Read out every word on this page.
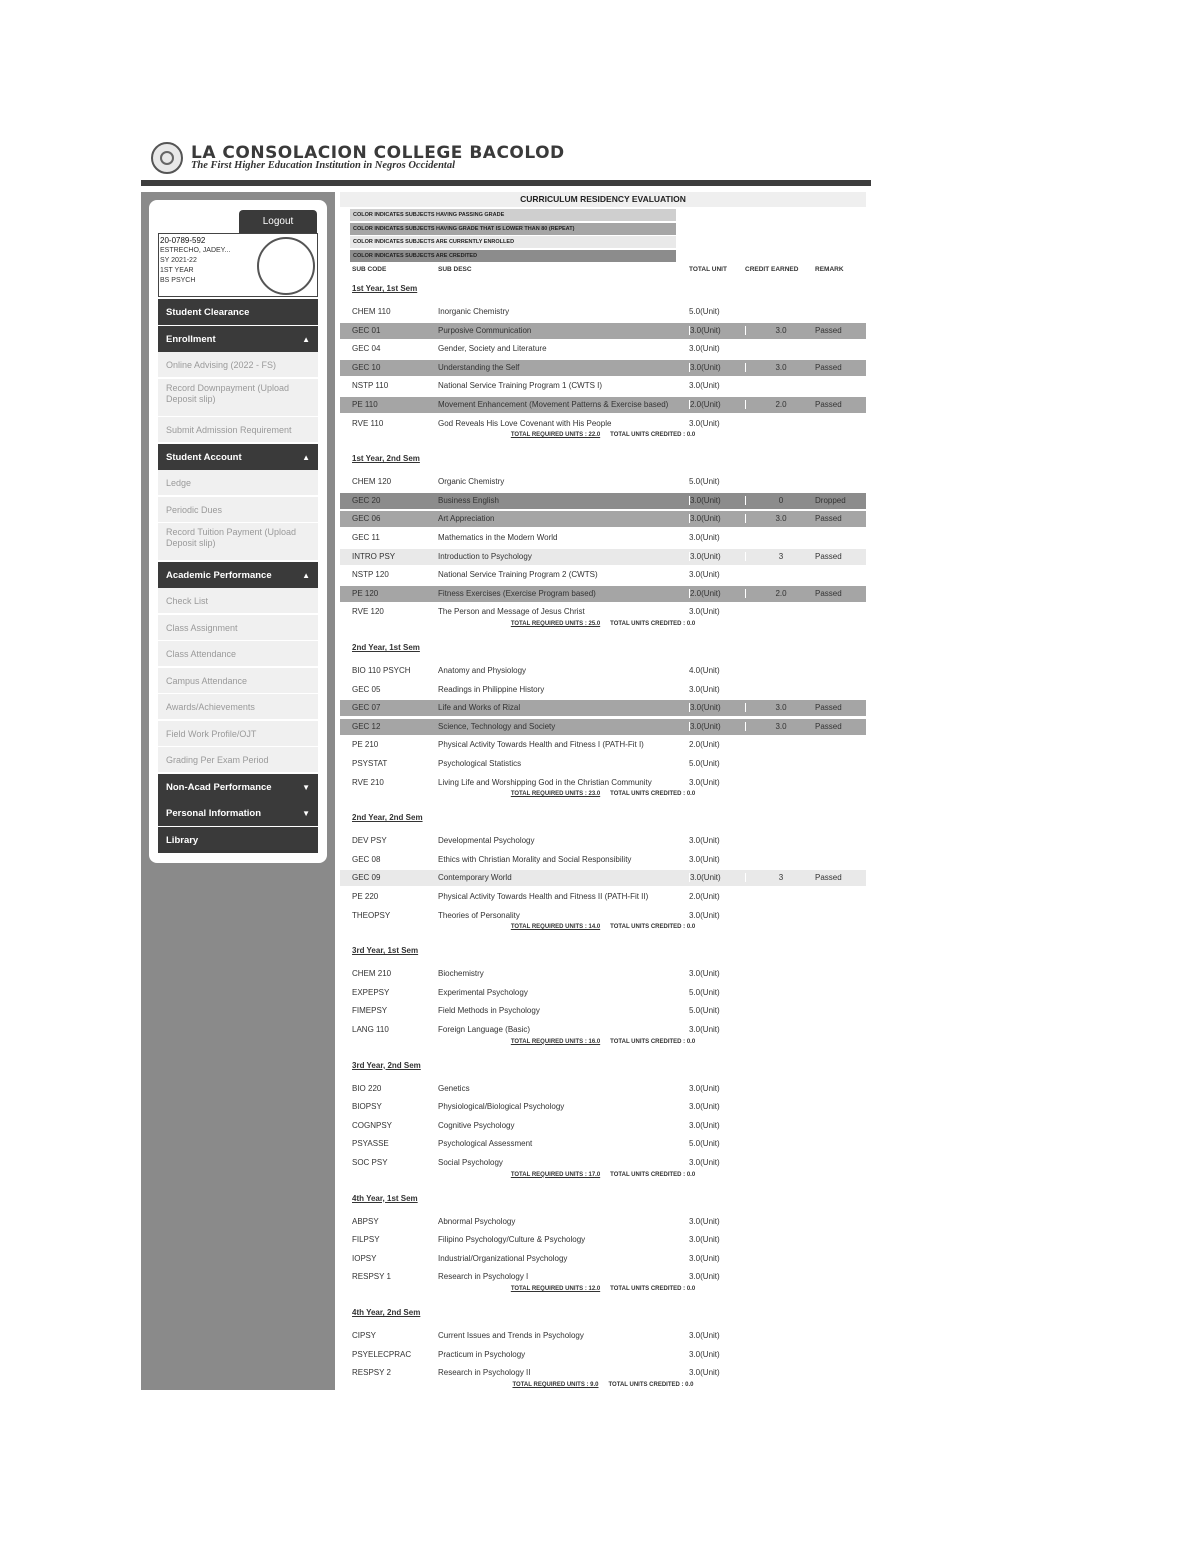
LA CONSOLACION COLLEGE BACOLOD
The First Higher Education Institution in Negros Occidental
Logout
20-0789-592
ESTRECHO, JADEY...
SY 2021-22
1ST YEAR
BS PSYCH
Student Clearance
Enrollment	▲
Online Advising (2022 - FS)
Record Downpayment (Upload Deposit slip)
Submit Admission Requirement
Student Account	▲
Ledge
Periodic Dues
Record Tuition Payment (Upload Deposit slip)
Academic Performance	▲
Check List
Class Assignment
Class Attendance
Campus Attendance
Awards/Achievements
Field Work Profile/OJT
Grading Per Exam Period
Non-Acad Performance	▼
Personal Information	▼
Library
CURRICULUM RESIDENCY EVALUATION
COLOR INDICATES SUBJECTS HAVING PASSING GRADE
COLOR INDICATES SUBJECTS HAVING GRADE THAT IS LOWER THAN 80 (REPEAT)
COLOR INDICATES SUBJECTS ARE CURRENTLY ENROLLED
COLOR INDICATES SUBJECTS ARE CREDITED
SUB CODE	SUB DESC	TOTAL UNIT	CREDIT EARNED	REMARK
1st Year, 1st Sem
CHEM 110	Inorganic Chemistry	5.0(Unit)
GEC 01	Purposive Communication	3.0(Unit)	3.0	Passed
GEC 04	Gender, Society and Literature	3.0(Unit)
GEC 10	Understanding the Self	3.0(Unit)	3.0	Passed
NSTP 110	National Service Training Program 1 (CWTS I)	3.0(Unit)
PE 110	Movement Enhancement (Movement Patterns & Exercise based)	2.0(Unit)	2.0	Passed
RVE 110	God Reveals His Love Covenant with His People	3.0(Unit)
TOTAL REQUIRED UNITS : 22.0 TOTAL UNITS CREDITED : 0.0
1st Year, 2nd Sem
CHEM 120	Organic Chemistry	5.0(Unit)
GEC 20	Business English	3.0(Unit)	0	Dropped
GEC 06	Art Appreciation	3.0(Unit)	3.0	Passed
GEC 11	Mathematics in the Modern World	3.0(Unit)
INTRO PSY	Introduction to Psychology	3.0(Unit)	3	Passed
NSTP 120	National Service Training Program 2 (CWTS)	3.0(Unit)
PE 120	Fitness Exercises (Exercise Program based)	2.0(Unit)	2.0	Passed
RVE 120	The Person and Message of Jesus Christ	3.0(Unit)
TOTAL REQUIRED UNITS : 25.0 TOTAL UNITS CREDITED : 0.0
2nd Year, 1st Sem
BIO 110 PSYCH	Anatomy and Physiology	4.0(Unit)
GEC 05	Readings in Philippine History	3.0(Unit)
GEC 07	Life and Works of Rizal	3.0(Unit)	3.0	Passed
GEC 12	Science, Technology and Society	3.0(Unit)	3.0	Passed
PE 210	Physical Activity Towards Health and Fitness I (PATH-Fit I)	2.0(Unit)
PSYSTAT	Psychological Statistics	5.0(Unit)
RVE 210	Living Life and Worshipping God in the Christian Community	3.0(Unit)
TOTAL REQUIRED UNITS : 23.0 TOTAL UNITS CREDITED : 0.0
2nd Year, 2nd Sem
DEV PSY	Developmental Psychology	3.0(Unit)
GEC 08	Ethics with Christian Morality and Social Responsibility	3.0(Unit)
GEC 09	Contemporary World	3.0(Unit)	3	Passed
PE 220	Physical Activity Towards Health and Fitness II (PATH-Fit II)	2.0(Unit)
THEOPSY	Theories of Personality	3.0(Unit)
TOTAL REQUIRED UNITS : 14.0 TOTAL UNITS CREDITED : 0.0
3rd Year, 1st Sem
CHEM 210	Biochemistry	3.0(Unit)
EXPEPSY	Experimental Psychology	5.0(Unit)
FIMEPSY	Field Methods in Psychology	5.0(Unit)
LANG 110	Foreign Language (Basic)	3.0(Unit)
TOTAL REQUIRED UNITS : 16.0 TOTAL UNITS CREDITED : 0.0
3rd Year, 2nd Sem
BIO 220	Genetics	3.0(Unit)
BIOPSY	Physiological/Biological Psychology	3.0(Unit)
COGNPSY	Cognitive Psychology	3.0(Unit)
PSYASSE	Psychological Assessment	5.0(Unit)
SOC PSY	Social Psychology	3.0(Unit)
TOTAL REQUIRED UNITS : 17.0 TOTAL UNITS CREDITED : 0.0
4th Year, 1st Sem
ABPSY	Abnormal Psychology	3.0(Unit)
FILPSY	Filipino Psychology/Culture & Psychology	3.0(Unit)
IOPSY	Industrial/Organizational Psychology	3.0(Unit)
RESPSY 1	Research in Psychology I	3.0(Unit)
TOTAL REQUIRED UNITS : 12.0 TOTAL UNITS CREDITED : 0.0
4th Year, 2nd Sem
CIPSY	Current Issues and Trends in Psychology	3.0(Unit)
PSYELECPRAC	Practicum in Psychology	3.0(Unit)
RESPSY 2	Research in Psychology II	3.0(Unit)
TOTAL REQUIRED UNITS : 9.0 TOTAL UNITS CREDITED : 0.0
